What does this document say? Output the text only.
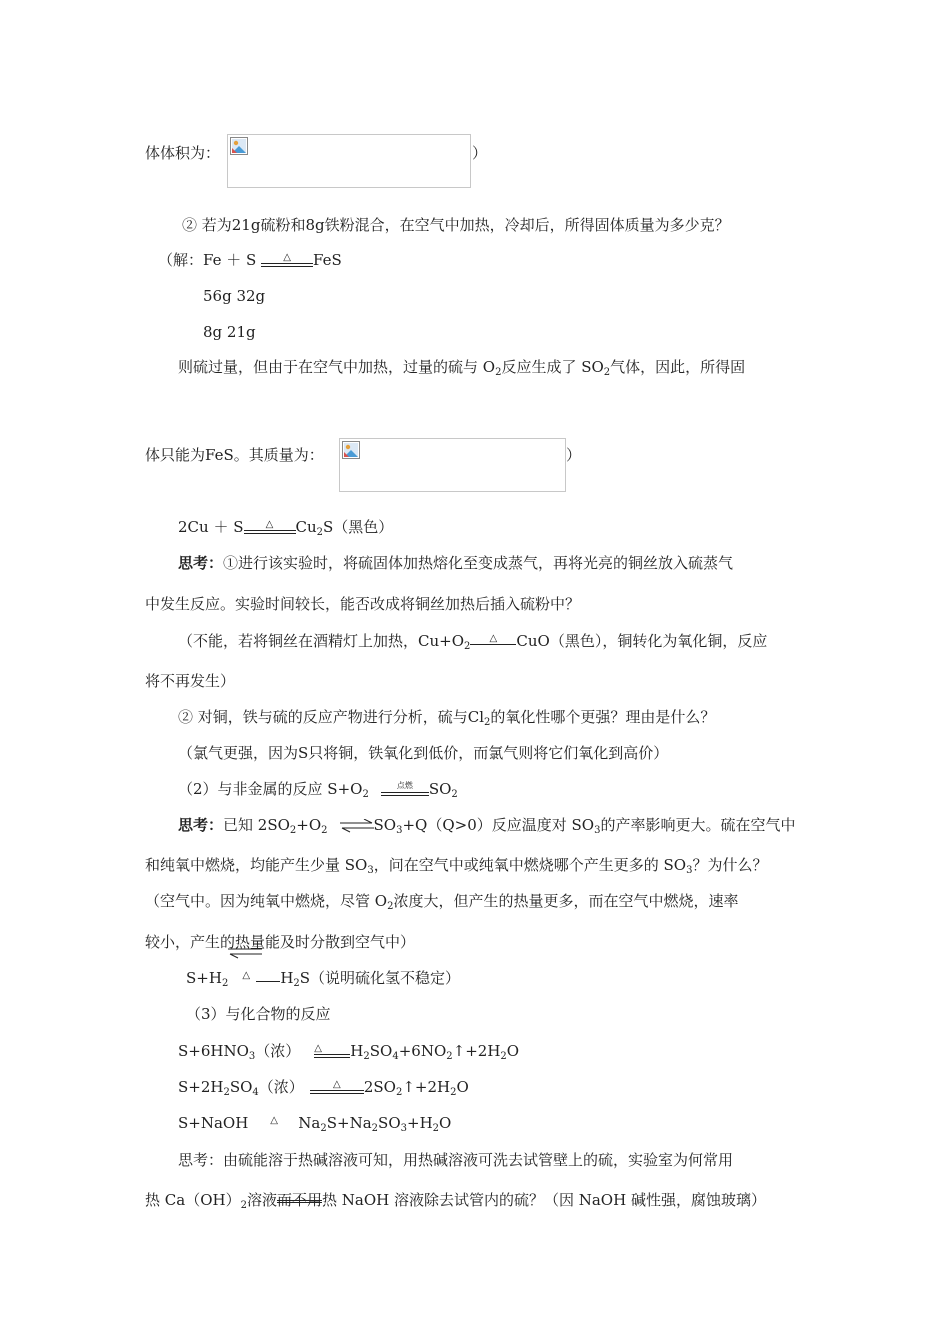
体体积为：	）
② 若为21g硫粉和8g铁粉混合，在空气中加热，冷却后，所得固体质量为多少克？
（解：Fe ＋ S	△	FeS
56g 32g
8g 21g
则硫过量，但由于在空气中加热，过量的硫与 $O_2$反应生成了 $SO_2$气体，因此，所得固
体只能为FeS。其质量为：	）
2Cu ＋ S	△	$Cu_2S$（黑色）
思考：①进行该实验时，将硫固体加热熔化至变成蒸气，再将光亮的铜丝放入硫蒸气
中发生反应。实验时间较长，能否改成将铜丝加热后插入硫粉中？
（不能，若将铜丝在酒精灯上加热，$Cu+O_2$
△	CuO（黑色），铜转化为氧化铜，反应
将不再发生）
② 对铜，铁与硫的反应产物进行分析，硫与$Cl_2$的氧化性哪个更强？理由是什么？
（氯气更强，因为S只将铜，铁氧化到低价，而氯气则将它们氧化到高价）
（2）与非金属的反应 $S+O_2$
点燃	$SO_2$
思考：已知 $2SO_2+O_2$ $\rightleftharpoons SO_3+Q(Q>0)$反应温度对 $SO_3$的产率影响更大。硫在空气中
和纯氧中燃烧，均能产生少量 $SO_3$，问在空气中或纯氧中燃烧哪个产生更多的 $SO_3$？为什么？
（空气中。因为纯氧中燃烧，尽管 $O_2$浓度大，但产生的热量更多，而在空气中燃烧，速率
较小，产生的热量能及时分散到空气中）
$S+H_2$
△	$H_2S$（说明硫化氢不稳定）
（3）与化合物的反应
$S+6HNO_3$（浓） △	$H_2SO_4+6NO_2↑+2H_2O$
$S+2H_2SO_4$（浓）	△	$2SO_2↑+2H_2O$
S+NaOH △	$Na_2S+Na_2SO_3+H_2O$
思考：由硫能溶于热碱溶液可知，用热碱溶液可洗去试管壁上的硫，实验室为何常用
热 $Ca(OH)_2$溶液而不用热 NaOH 溶液除去试管内的硫？（因 NaOH 碱性强，腐蚀玻璃）
